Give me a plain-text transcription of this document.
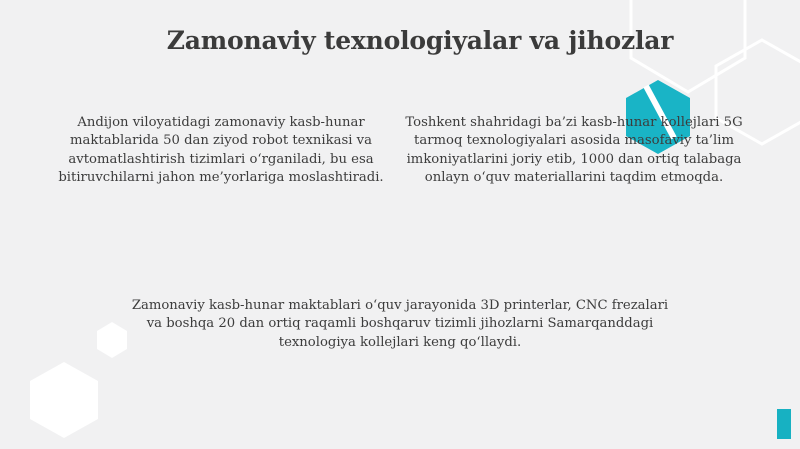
Zamonaviy texnologiyalar va jihozlar

Andijon viloyatidagi zamonaviy kasb-hunar maktablarida 50 dan ziyod robot texnikasi va avtomatlashtirish tizimlari o‘rganiladi, bu esa bitiruvchilarni jahon me’yorlariga moslashtiradi.

Toshkent shahridagi ba’zi kasb-hunar kollejlari 5G tarmoq texnologiyalari asosida masofaviy ta’lim imkoniyatlarini joriy etib, 1000 dan ortiq talabaga onlayn o‘quv materiallarini taqdim etmoqda.

Zamonaviy kasb-hunar maktablari o‘quv jarayonida 3D printerlar, CNC frezalari va boshqa 20 dan ortiq raqamli boshqaruv tizimli jihozlarni Samarqanddagi texnologiya kollejlari keng qo‘llaydi.
